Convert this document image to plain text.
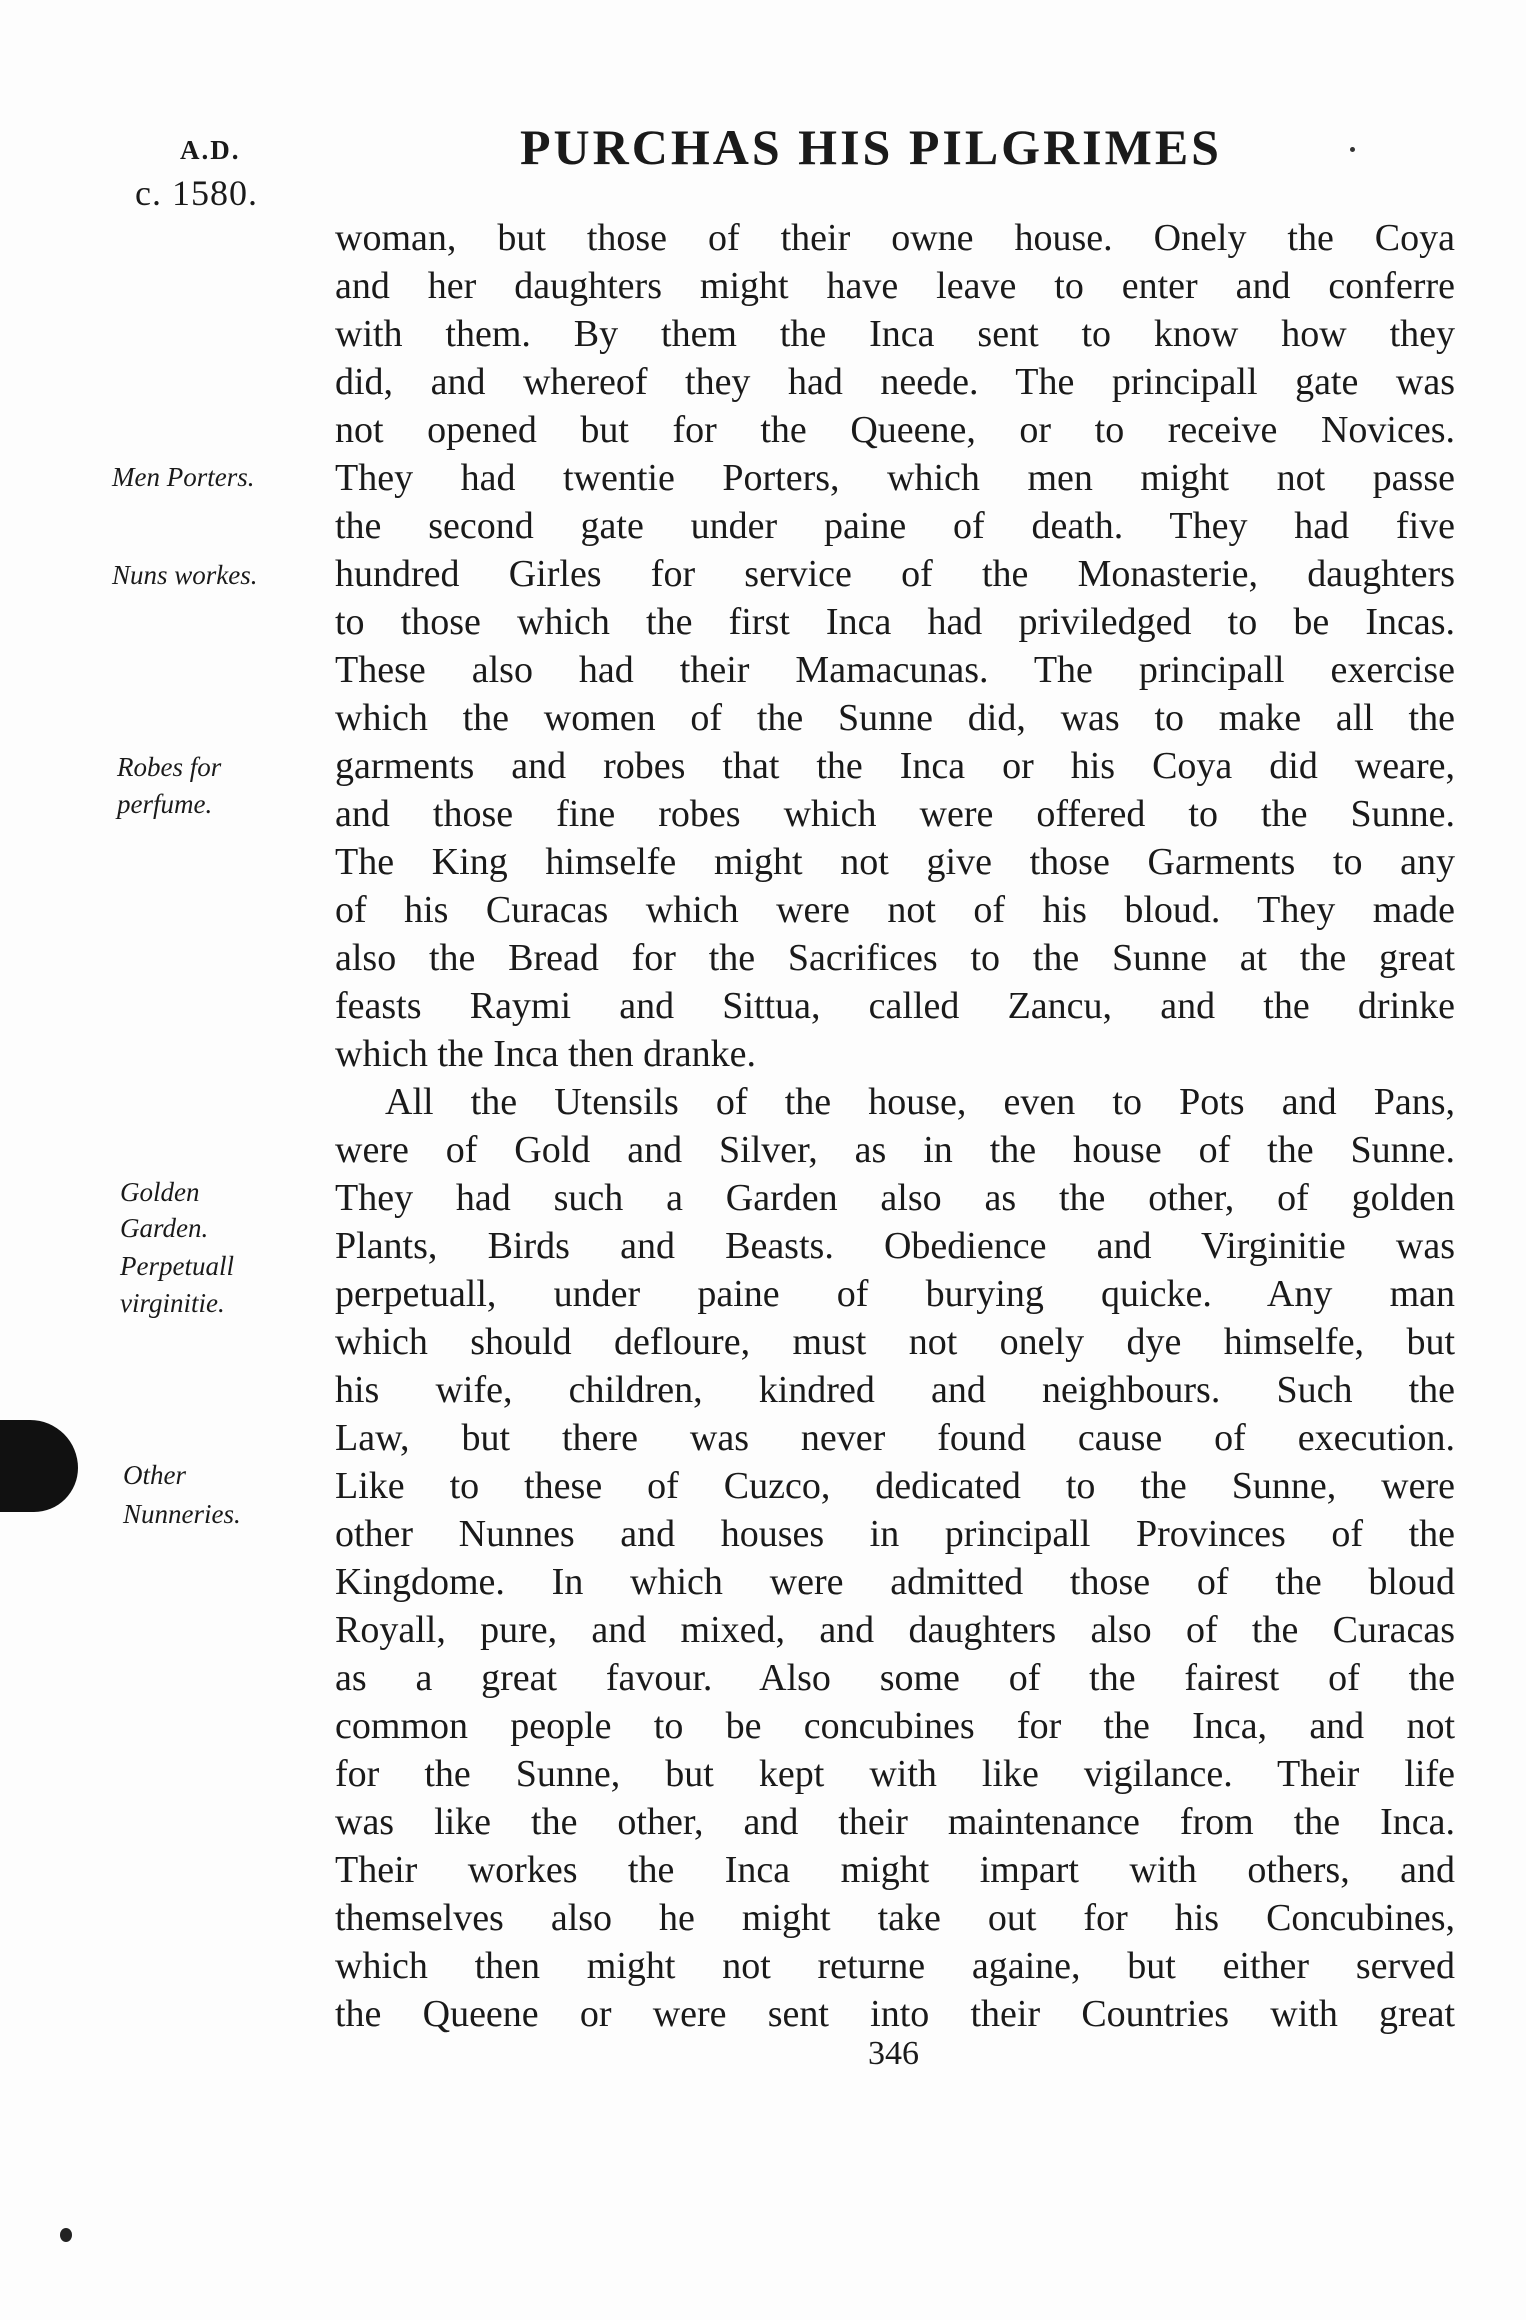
A.D.
c. 1580.
PURCHAS HIS PILGRIMES
Men Porters.
Nuns workes.
Robes for
perfume.
Golden
Garden.
Perpetuall
virginitie.
Other
Nunneries.
woman, but those of their owne house. Onely the Coya
and her daughters might have leave to enter and conferre
with them. By them the Inca sent to know how they
did, and whereof they had neede. The principall gate was
not opened but for the Queene, or to receive Novices.
They had twentie Porters, which men might not passe
the second gate under paine of death. They had five
hundred Girles for service of the Monasterie, daughters
to those which the first Inca had priviledged to be Incas.
These also had their Mamacunas. The principall exercise
which the women of the Sunne did, was to make all the
garments and robes that the Inca or his Coya did weare,
and those fine robes which were offered to the Sunne.
The King himselfe might not give those Garments to any
of his Curacas which were not of his bloud. They made
also the Bread for the Sacrifices to the Sunne at the great
feasts Raymi and Sittua, called Zancu, and the drinke
which the Inca then dranke.
All the Utensils of the house, even to Pots and Pans,
were of Gold and Silver, as in the house of the Sunne.
They had such a Garden also as the other, of golden
Plants, Birds and Beasts. Obedience and Virginitie was
perpetuall, under paine of burying quicke. Any man
which should defloure, must not onely dye himselfe, but
his wife, children, kindred and neighbours. Such the
Law, but there was never found cause of execution.
Like to these of Cuzco, dedicated to the Sunne, were
other Nunnes and houses in principall Provinces of the
Kingdome. In which were admitted those of the bloud
Royall, pure, and mixed, and daughters also of the Curacas
as a great favour. Also some of the fairest of the
common people to be concubines for the Inca, and not
for the Sunne, but kept with like vigilance. Their life
was like the other, and their maintenance from the Inca.
Their workes the Inca might impart with others, and
themselves also he might take out for his Concubines,
which then might not returne againe, but either served
the Queene or were sent into their Countries with great
346
